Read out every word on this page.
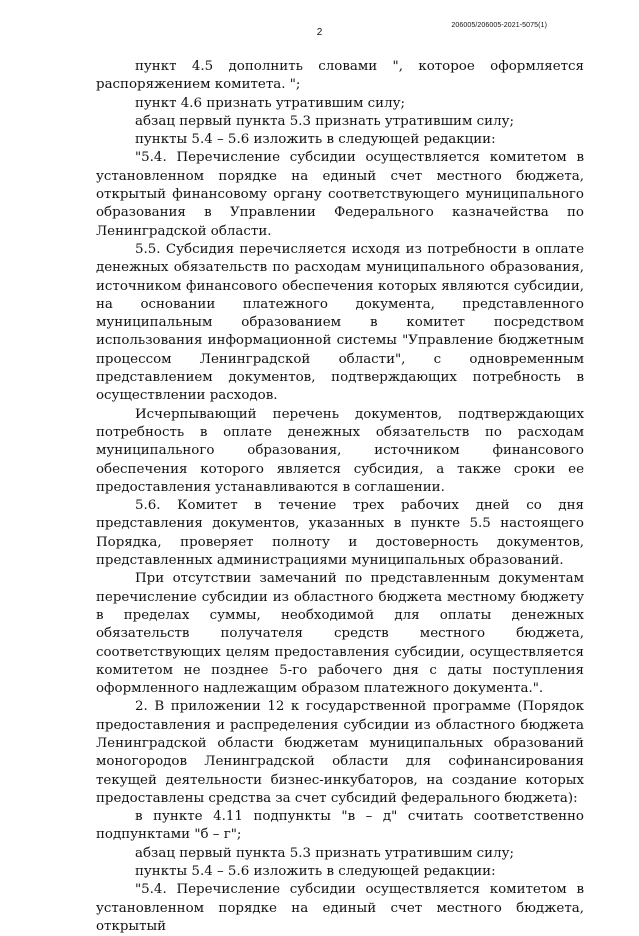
206005/206005-2021-5075(1)
2

пункт 4.5 дополнить словами ", которое оформляется распоряжением комитета. ";

пункт 4.6 признать утратившим силу;

абзац первый пункта 5.3 признать утратившим силу;

пункты 5.4 – 5.6 изложить в следующей редакции:

"5.4. Перечисление субсидии осуществляется комитетом в установленном порядке на единый счет местного бюджета, открытый финансовому органу соответствующего муниципального образования в Управлении Федерального казначейства по Ленинградской области.

5.5. Субсидия перечисляется исходя из потребности в оплате денежных обязательств по расходам муниципального образования, источником финансового обеспечения которых являются субсидии, на основании платежного документа, представленного муниципальным образованием в комитет посредством использования информационной системы "Управление бюджетным процессом Ленинградской области", с одновременным представлением документов, подтверждающих потребность в осуществлении расходов.

Исчерпывающий перечень документов, подтверждающих потребность в оплате денежных обязательств по расходам муниципального образования, источником финансового обеспечения которого является субсидия, а также сроки ее предоставления устанавливаются в соглашении.

5.6. Комитет в течение трех рабочих дней со дня представления документов, указанных в пункте 5.5 настоящего Порядка, проверяет полноту и достоверность документов, представленных администрациями муниципальных образований.

При отсутствии замечаний по представленным документам перечисление субсидии из областного бюджета местному бюджету в пределах суммы, необходимой для оплаты денежных обязательств получателя средств местного бюджета, соответствующих целям предоставления субсидии, осуществляется комитетом не позднее 5-го рабочего дня с даты поступления оформленного надлежащим образом платежного документа.".

2. В приложении 12 к государственной программе (Порядок предоставления и распределения субсидии из областного бюджета Ленинградской области бюджетам муниципальных образований моногородов Ленинградской области для софинансирования текущей деятельности бизнес-инкубаторов, на создание которых предоставлены средства за счет субсидий федерального бюджета):

в пункте 4.11 подпункты "в – д" считать соответственно подпунктами "б – г";

абзац первый пункта 5.3 признать утратившим силу;

пункты 5.4 – 5.6 изложить в следующей редакции:

"5.4. Перечисление субсидии осуществляется комитетом в установленном порядке на единый счет местного бюджета, открытый
